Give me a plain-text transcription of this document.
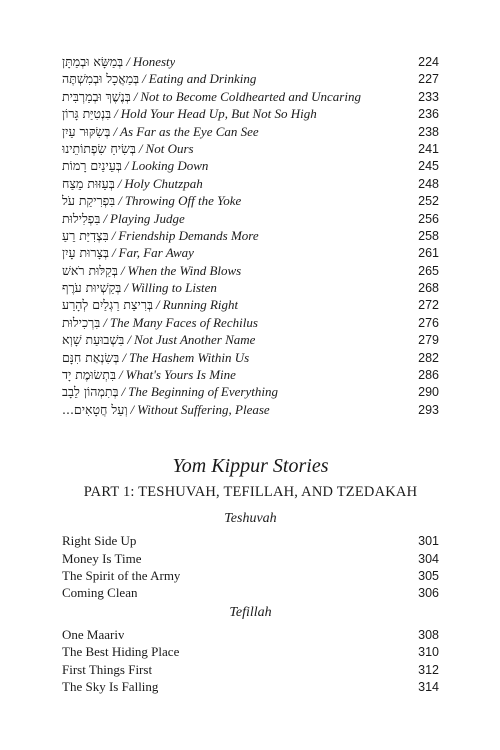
בְּמַשָּׂא וּבְמַתָּן / Honesty	224
בְּמַאֲכָל וּבְמִשְׁתֶּה / Eating and Drinking	227
בְּנֶשֶׁךְ וּבְמַרְבִּית / Not to Become Coldhearted and Uncaring	233
בִּנְטִיַּת גָּרוֹן / Hold Your Head Up, But Not So High	236
בְּשִׂקּוּר עַיִן / As Far as the Eye Can See	238
בְּשִׂיחַ שִׂפְתוֹתֵינוּ / Not Ours	241
בְּעֵינַיִם רָמוֹת / Looking Down	245
בְּעַזּוּת מֵצַח / Holy Chutzpah	248
בִּפְרִיקַת עֹל / Throwing Off the Yoke	252
בִּפְלִילוּת / Playing Judge	256
בִּצְדִיַּת רֵעַ / Friendship Demands More	258
בְּצָרוּת עָיִן / Far, Far Away	261
בְּקַלּוּת רֹאשׁ / When the Wind Blows	265
בְּקַשְׁיוּת עֹרֶף / Willing to Listen	268
בְּרִיצַת רַגְלַיִם לְהָרַע / Running Right	272
בִּרְכִילוּת / The Many Faces of Rechilus	276
בִּשְׁבוּעַת שָׁוְא / Not Just Another Name	279
בְּשִׂנְאַת חִנָּם / The Hashem Within Us	282
בִּתְשׂוּמֶת יָד / What's Yours Is Mine	286
בְּתִמְהוֹן לֵבָב / The Beginning of Everything	290
וְעַל חֲטָאִים... / Without Suffering, Please	293
Yom Kippur Stories
PART 1: TESHUVAH, TEFILLAH, AND TZEDAKAH
Teshuvah
Right Side Up	301
Money Is Time	304
The Spirit of the Army	305
Coming Clean	306
Tefillah
One Maariv	308
The Best Hiding Place	310
First Things First	312
The Sky Is Falling	314
